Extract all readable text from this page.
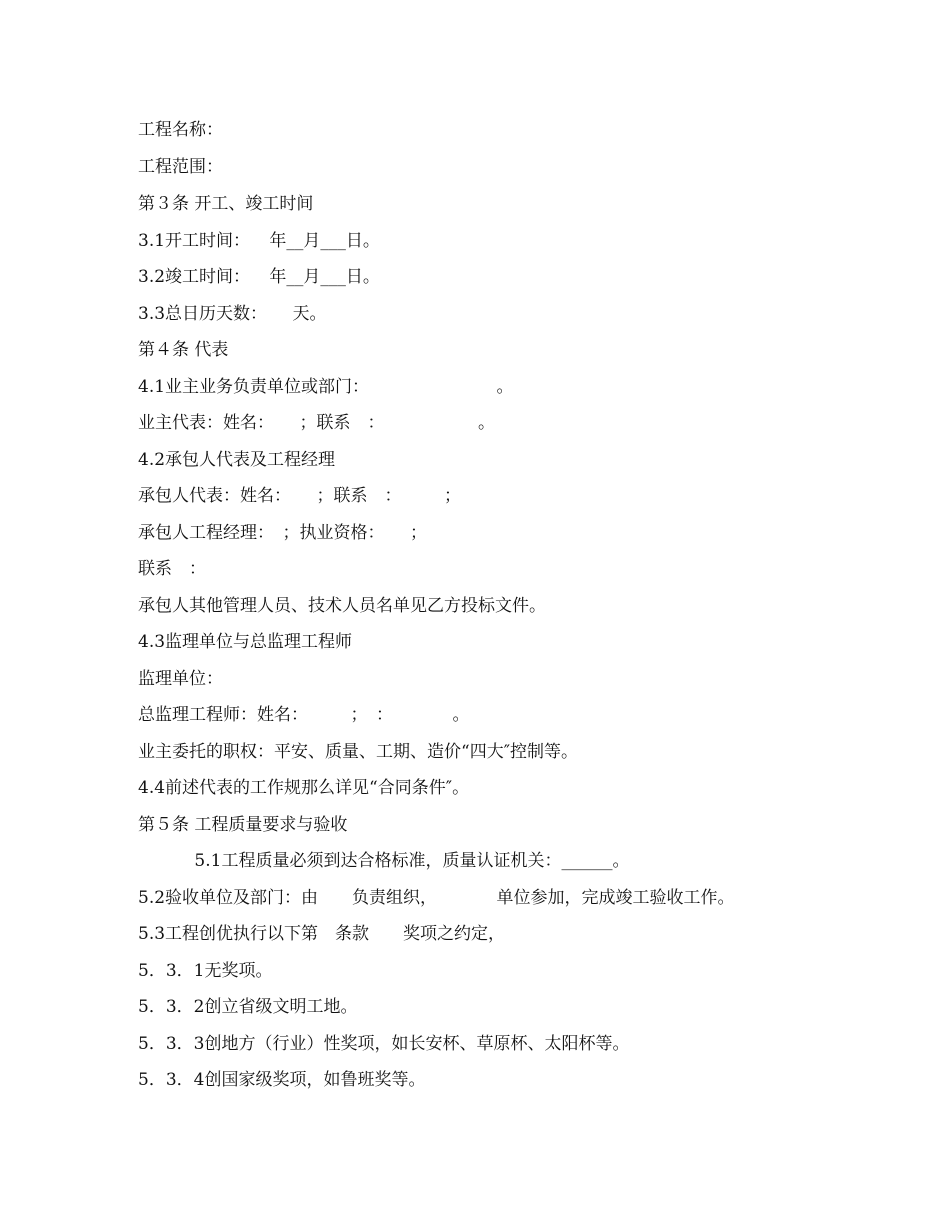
工程名称：
工程范围：
第３条 开工、竣工时间
3.1开工时间：　  年__月___日。
3.2竣工时间：　  年__月___日。
3.3总日历天数：　　天。
第４条 代表
4.1业主业务负责单位或部门：　　　　　　　　。
业主代表：姓名：　　；联系　：　　　　　　。
4.2承包人代表及工程经理
承包人代表：姓名：　　；联系　：　　　；
承包人工程经理：　；执业资格：　　；
联系　：
承包人其他管理人员、技术人员名单见乙方投标文件。
4.3监理单位与总监理工程师
监理单位：
总监理工程师：姓名：　　　；　：　　　　。
业主委托的职权：平安、质量、工期、造价“四大″控制等。
4.4前述代表的工作规那么详见“合同条件″。
第５条 工程质量要求与验收
　　　 5.1工程质量必须到达合格标准，质量认证机关：______。
5.2验收单位及部门：由　　负责组织，　　　　单位参加，完成竣工验收工作。
5.3工程创优执行以下第　条款　　奖项之约定，
5．3．1无奖项。
5．3．2创立省级文明工地。
5．3．3创地方（行业）性奖项，如长安杯、草原杯、太阳杯等。
5．3．4创国家级奖项，如鲁班奖等。
